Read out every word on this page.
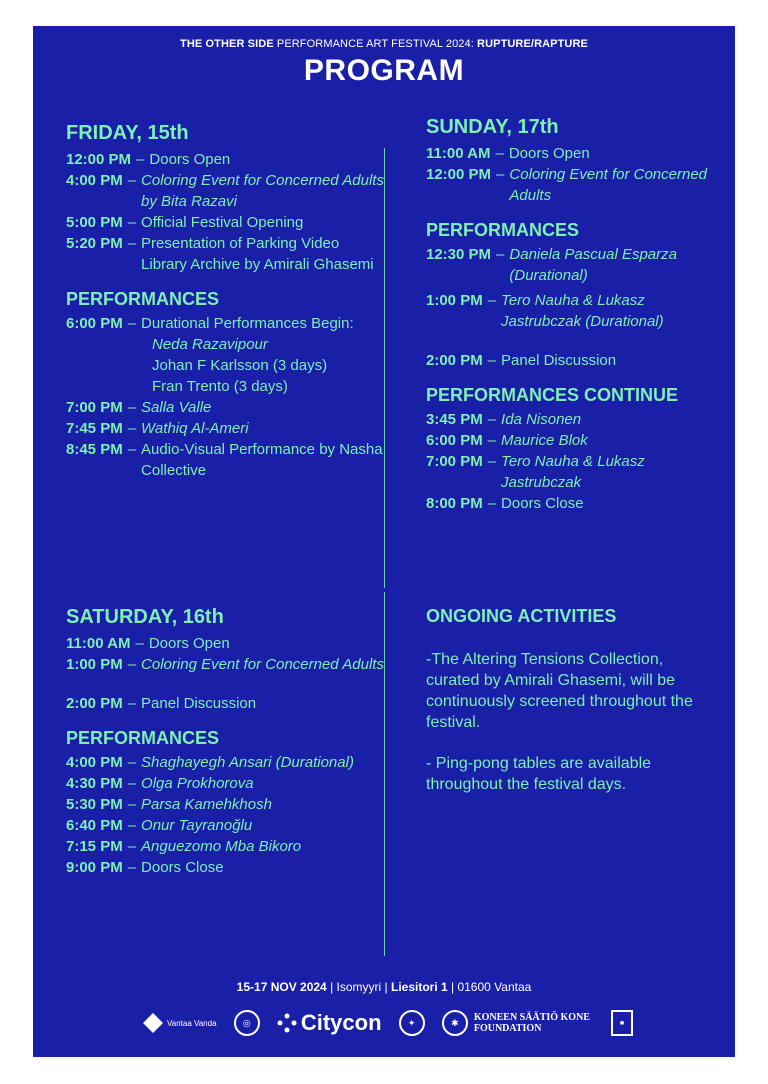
THE OTHER SIDE PERFORMANCE ART FESTIVAL 2024: RUPTURE/RAPTURE
PROGRAM
FRIDAY, 15th
12:00 PM – Doors Open
4:00 PM – Coloring Event for Concerned Adults by Bita Razavi
5:00 PM – Official Festival Opening
5:20 PM – Presentation of Parking Video Library Archive by Amirali Ghasemi
PERFORMANCES
6:00 PM – Durational Performances Begin:
Neda Razavipour
Johan F Karlsson (3 days)
Fran Trento (3 days)
7:00 PM – Salla Valle
7:45 PM – Wathiq Al-Ameri
8:45 PM – Audio-Visual Performance by Nasha Collective
SATURDAY, 16th
11:00 AM – Doors Open
1:00 PM – Coloring Event for Concerned Adults
2:00 PM – Panel Discussion
PERFORMANCES
4:00 PM – Shaghayegh Ansari (Durational)
4:30 PM – Olga Prokhorova
5:30 PM – Parsa Kamehkhosh
6:40 PM – Onur Tayranoğlu
7:15 PM – Anguezomo Mba Bikoro
9:00 PM – Doors Close
SUNDAY, 17th
11:00 AM – Doors Open
12:00 PM – Coloring Event for Concerned Adults
PERFORMANCES
12:30 PM – Daniela Pascual Esparza (Durational)
1:00 PM – Tero Nauha & Lukasz Jastrubczak (Durational)
2:00 PM – Panel Discussion
PERFORMANCES CONTINUE
3:45 PM – Ida Nisonen
6:00 PM – Maurice Blok
7:00 PM – Tero Nauha & Lukasz Jastrubczak
8:00 PM – Doors Close
ONGOING ACTIVITIES
-The Altering Tensions Collection, curated by Amirali Ghasemi, will be continuously screened throughout the festival.
- Ping-pong tables are available throughout the festival days.
15-17 NOV 2024 | Isomyyri | Liesitori 1 | 01600 Vantaa
Vantaa Vanda	◎	Citycon	✦	✱	KONEEN SÄÄTIÖ KONE FOUNDATION	■
